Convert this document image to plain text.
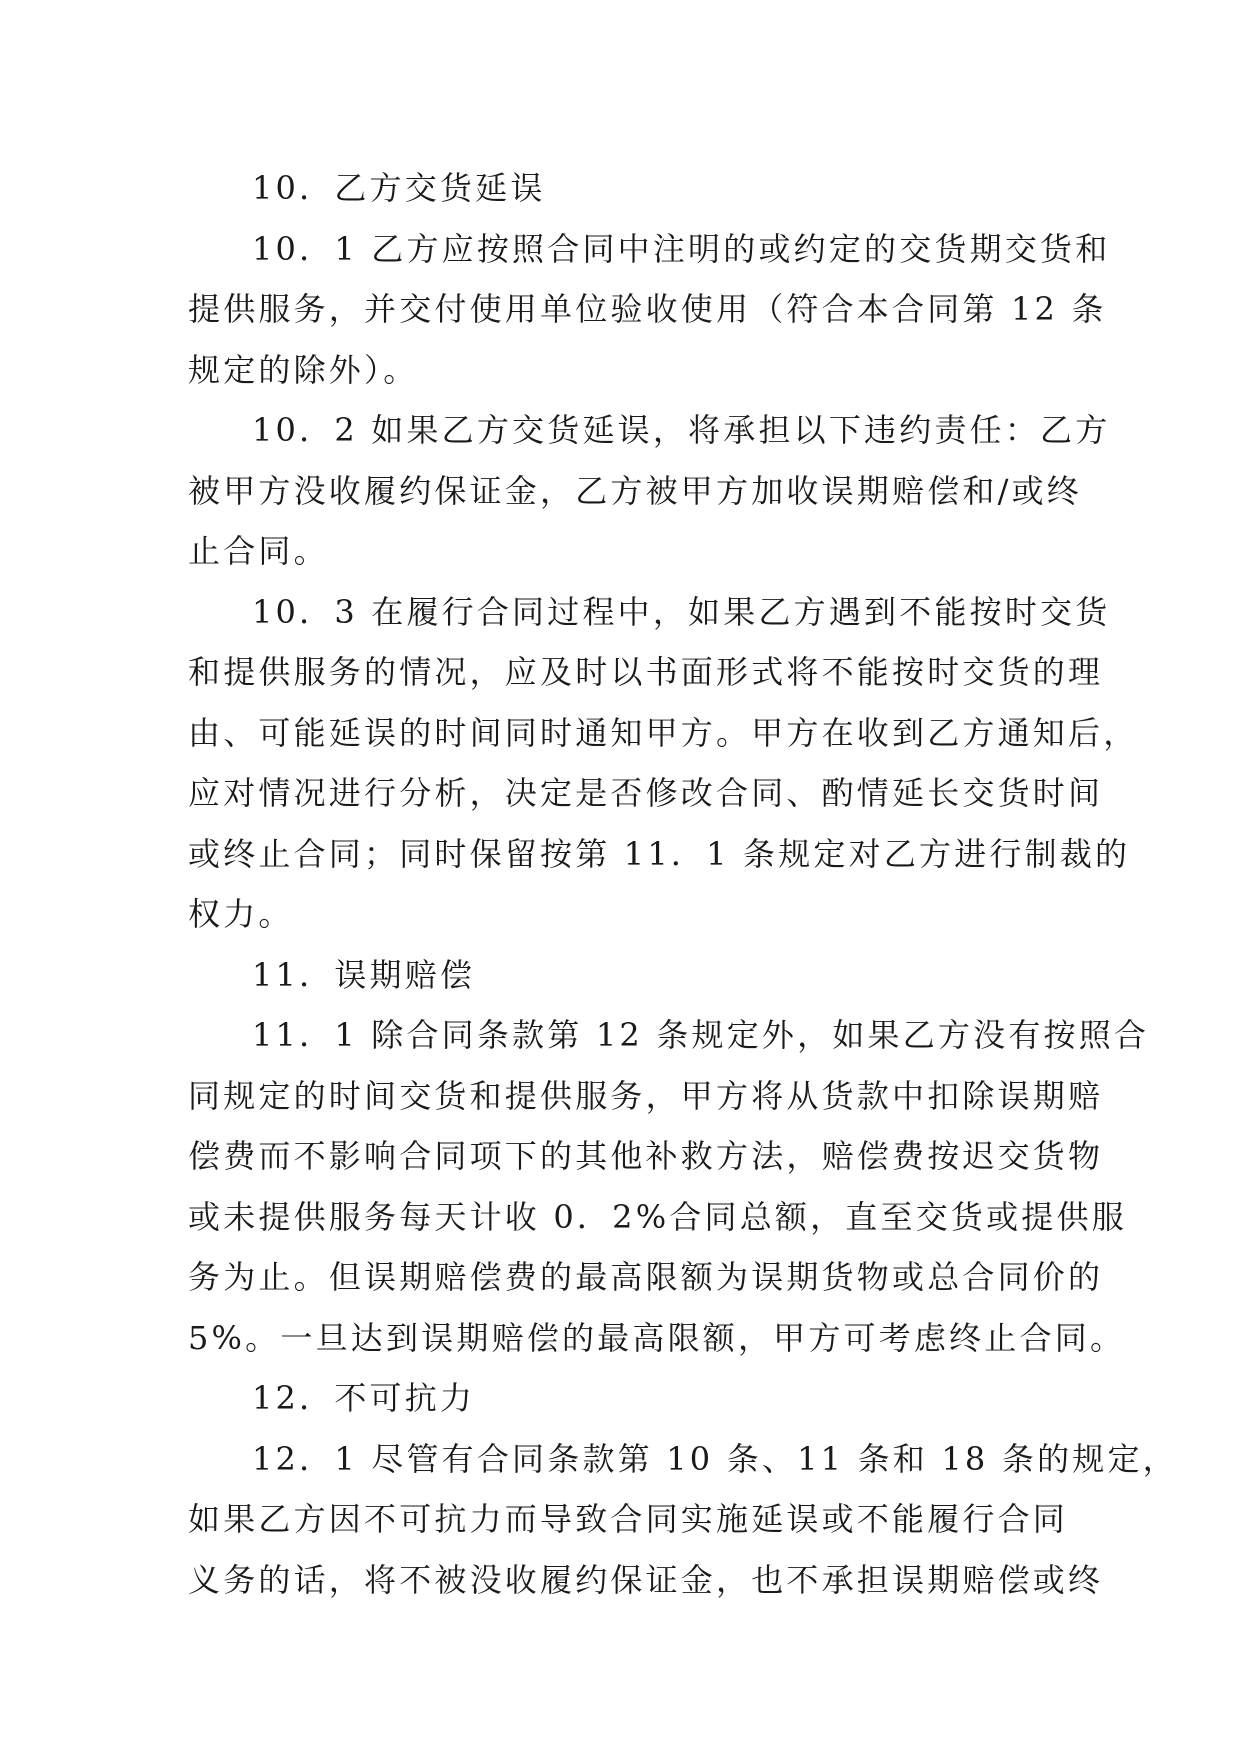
10．乙方交货延误
10．1 乙方应按照合同中注明的或约定的交货期交货和
提供服务，并交付使用单位验收使用（符合本合同第 12 条
规定的除外）。
10．2 如果乙方交货延误，将承担以下违约责任：乙方
被甲方没收履约保证金，乙方被甲方加收误期赔偿和/或终
止合同。
10．3 在履行合同过程中，如果乙方遇到不能按时交货
和提供服务的情况，应及时以书面形式将不能按时交货的理
由、可能延误的时间同时通知甲方。甲方在收到乙方通知后，
应对情况进行分析，决定是否修改合同、酌情延长交货时间
或终止合同；同时保留按第 11．1 条规定对乙方进行制裁的
权力。
11．误期赔偿
11．1 除合同条款第 12 条规定外，如果乙方没有按照合
同规定的时间交货和提供服务，甲方将从货款中扣除误期赔
偿费而不影响合同项下的其他补救方法，赔偿费按迟交货物
或未提供服务每天计收 0．2%合同总额，直至交货或提供服
务为止。但误期赔偿费的最高限额为误期货物或总合同价的
5%。一旦达到误期赔偿的最高限额，甲方可考虑终止合同。
12．不可抗力
12．1 尽管有合同条款第 10 条、11 条和 18 条的规定，
如果乙方因不可抗力而导致合同实施延误或不能履行合同
义务的话，将不被没收履约保证金，也不承担误期赔偿或终
